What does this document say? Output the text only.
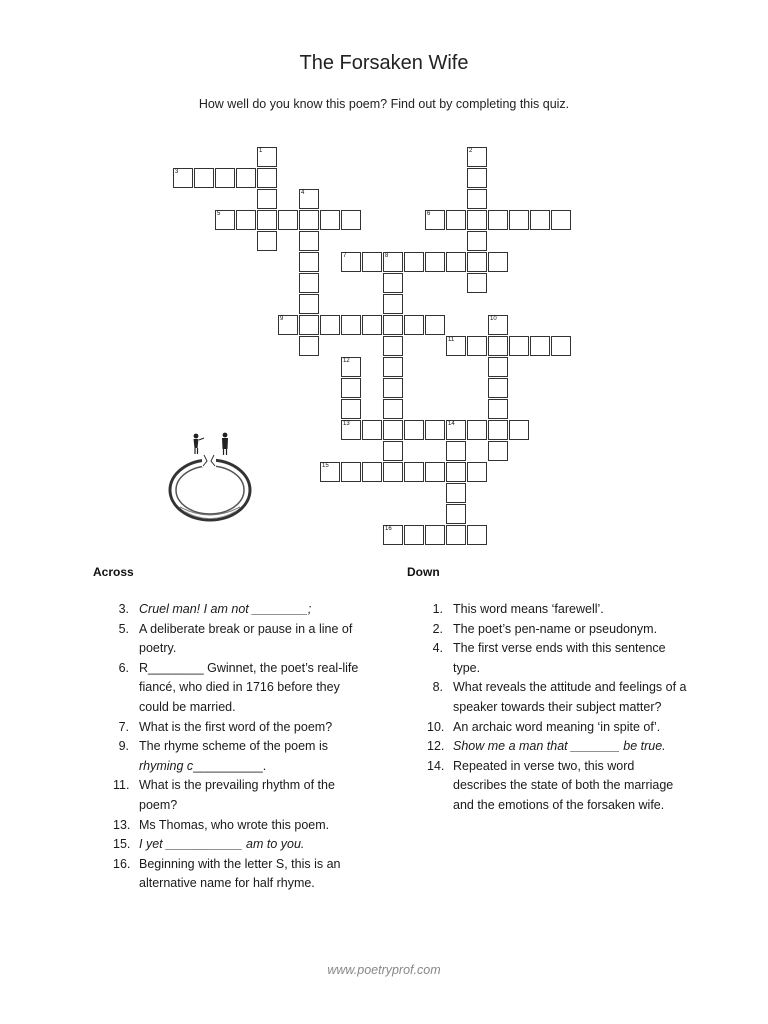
The Forsaken Wife
How well do you know this poem? Find out by completing this quiz.
1	2
3
4
5	6
7	8
9	10
11
12
13	14
15
16
Across	Down
3 . Cruel man! I am not ________;
5 . A deliberate break or pause in a line of poetry.
6 . R________ Gwinnet, the poet’s real-life fiancé, who died in 1716 before they could be married.
7 . What is the first word of the poem?
9 . The rhyme scheme of the poem is rhyming c__________.
11 . What is the prevailing rhythm of the poem?
13 . Ms Thomas, who wrote this poem.
15 . I yet ___________ am to you.
16 . Beginning with the letter S, this is an alternative name for half rhyme.
1 . This word means ‘farewell’.
2 . The poet’s pen-name or pseudonym.
4 . The first verse ends with this sentence type.
8 . What reveals the attitude and feelings of a speaker towards their subject matter?
10 . An archaic word meaning ‘in spite of’.
12 . Show me a man that _______ be true.
14 . Repeated in verse two, this word describes the state of both the marriage and the emotions of the forsaken wife.
www.poetryprof.com
